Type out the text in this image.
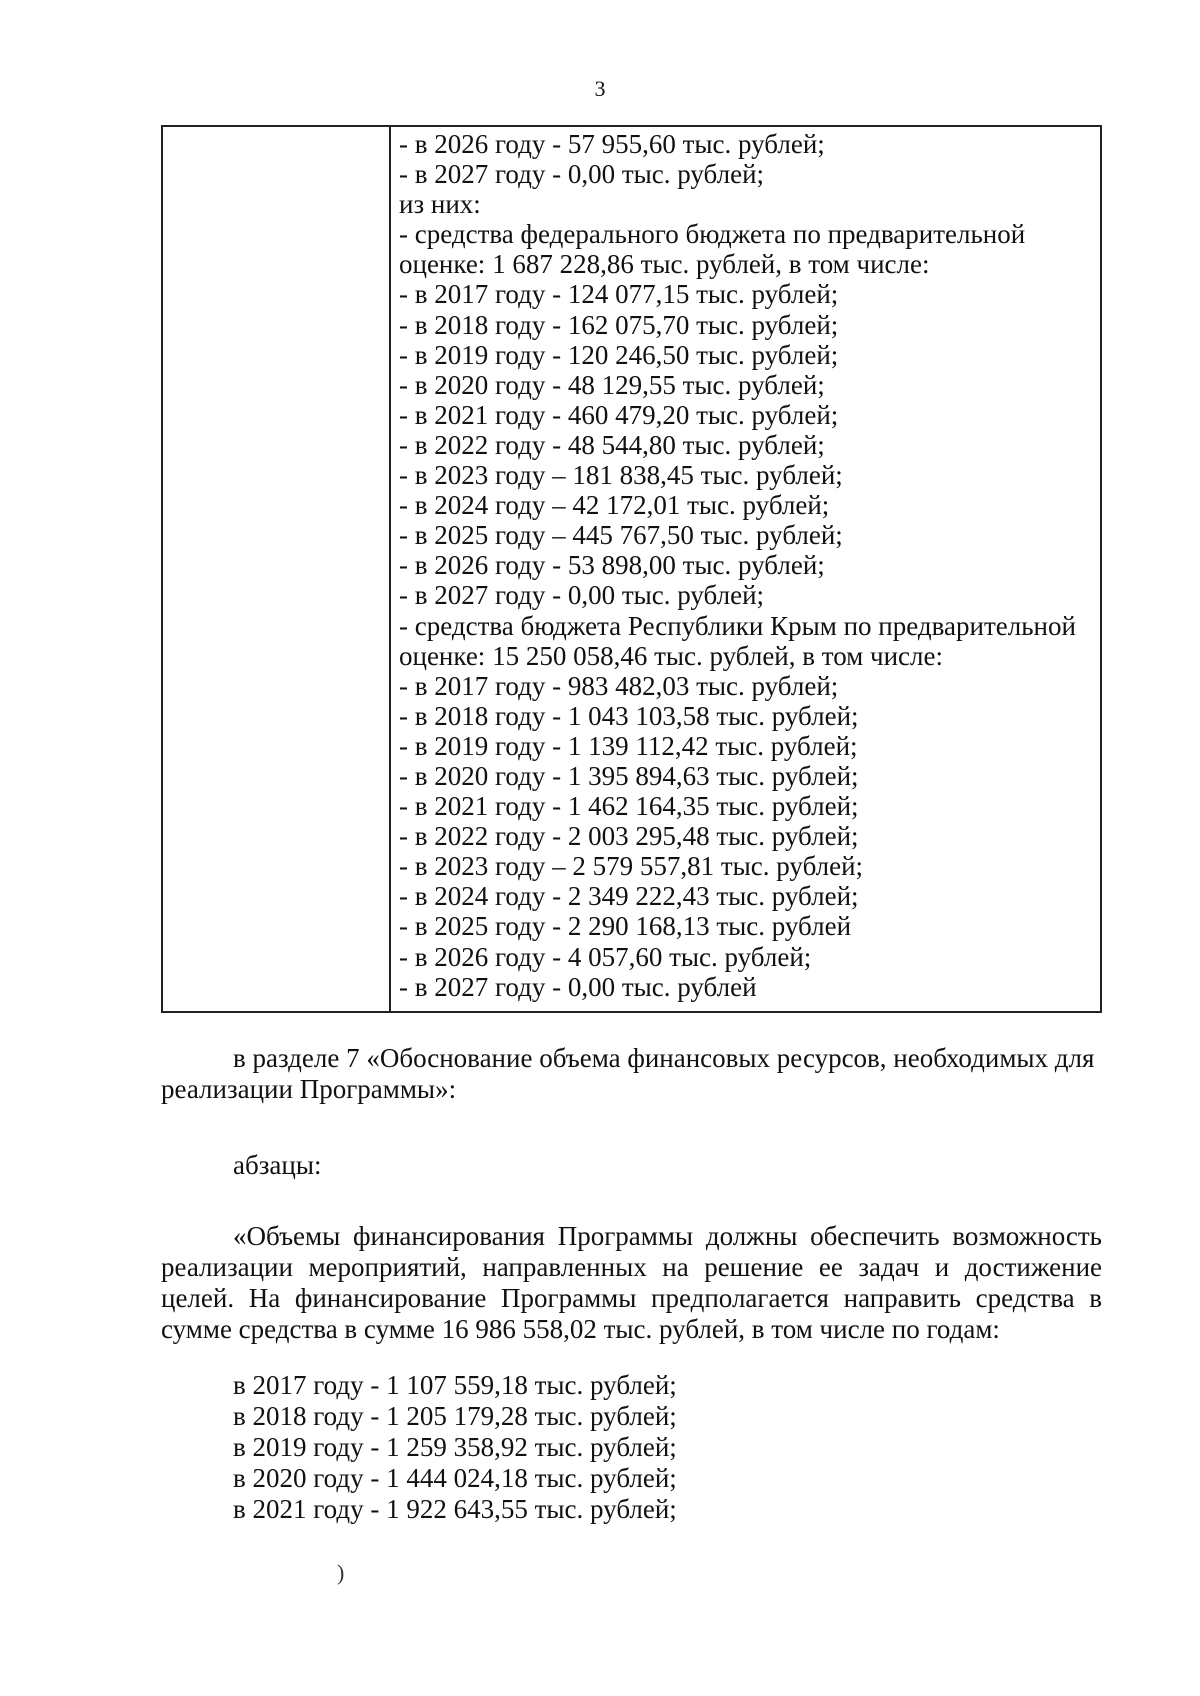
3
- в 2026 году - 57 955,60 тыс. рублей;
- в 2027 году - 0,00 тыс. рублей;
из них:
- средства федерального бюджета по предварительной
оценке: 1 687 228,86 тыс. рублей, в том числе:
- в 2017 году - 124 077,15 тыс. рублей;
- в 2018 году - 162 075,70 тыс. рублей;
- в 2019 году - 120 246,50 тыс. рублей;
- в 2020 году - 48 129,55 тыс. рублей;
- в 2021 году - 460 479,20 тыс. рублей;
- в 2022 году - 48 544,80 тыс. рублей;
- в 2023 году – 181 838,45 тыс. рублей;
- в 2024 году – 42 172,01 тыс. рублей;
- в 2025 году – 445 767,50 тыс. рублей;
- в 2026 году - 53 898,00 тыс. рублей;
- в 2027 году - 0,00 тыс. рублей;
- средства бюджета Республики Крым по предварительной
оценке: 15 250 058,46 тыс. рублей, в том числе:
- в 2017 году - 983 482,03 тыс. рублей;
- в 2018 году - 1 043 103,58 тыс. рублей;
- в 2019 году - 1 139 112,42 тыс. рублей;
- в 2020 году - 1 395 894,63 тыс. рублей;
- в 2021 году - 1 462 164,35 тыс. рублей;
- в 2022 году - 2 003 295,48 тыс. рублей;
- в 2023 году – 2 579 557,81 тыс. рублей;
- в 2024 году - 2 349 222,43 тыс. рублей;
- в 2025 году - 2 290 168,13 тыс. рублей
- в 2026 году - 4 057,60 тыс. рублей;
- в 2027 году - 0,00 тыс. рублей
в разделе 7 «Обоснование объема финансовых ресурсов, необходимых для реализации Программы»:
абзацы:
«Объемы финансирования Программы должны обеспечить возможность реализации мероприятий, направленных на решение ее задач и достижение целей. На финансирование Программы предполагается направить средства в сумме средства в сумме 16 986 558,02 тыс. рублей, в том числе по годам:
в 2017 году - 1 107 559,18 тыс. рублей;
в 2018 году - 1 205 179,28 тыс. рублей;
в 2019 году - 1 259 358,92 тыс. рублей;
в 2020 году - 1 444 024,18 тыс. рублей;
в 2021 году - 1 922 643,55 тыс. рублей;
)
